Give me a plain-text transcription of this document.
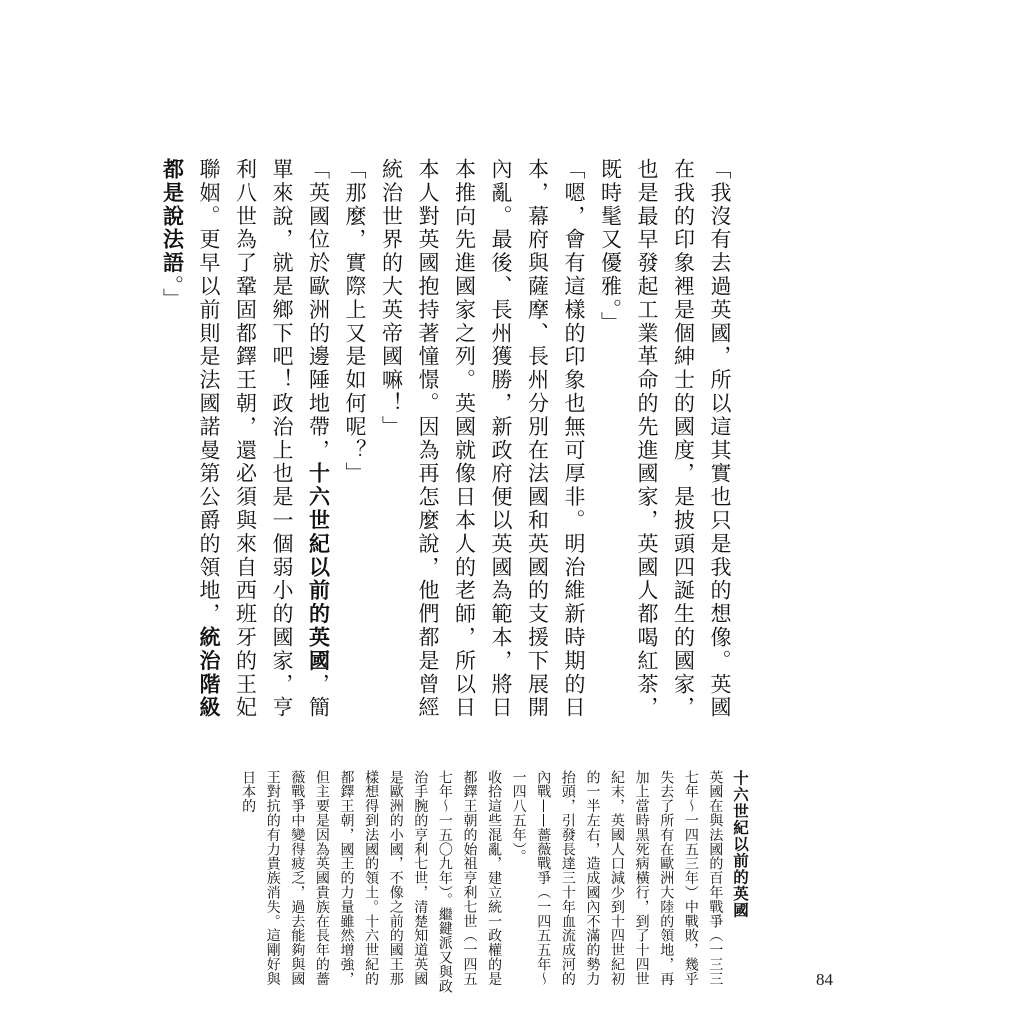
「我沒有去過英國，所以這其實也只是我的想像。英國在我的印象裡是個紳士的國度，是披頭四誕生的國家，也是最早發起工業革命的先進國家，英國人都喝紅茶，既時髦又優雅。」

「嗯，會有這樣的印象也無可厚非。明治維新時期的日本，幕府與薩摩、長州分別在法國和英國的支援下展開內亂。最後、長州獲勝，新政府便以英國為範本，將日本推向先進國家之列。英國就像日本人的老師，所以日本人對英國抱持著憧憬。因為再怎麼說，他們都是曾經統治世界的大英帝國嘛！」

「那麼，實際上又是如何呢？」

「英國位於歐洲的邊陲地帶，十六世紀以前的英國，簡單來說，就是鄉下吧！政治上也是一個弱小的國家，亨利八世為了鞏固都鐸王朝，還必須與來自西班牙的王妃聯姻。更早以前則是法國諾曼第公爵的領地，統治階級都是說法語。」

十六世紀以前的英國

英國在與法國的百年戰爭（一三三七年～一四五三年）中戰敗，幾乎失去了所有在歐洲大陸的領地，再加上當時黑死病橫行，到了十四世紀末，英國人口減少到十四世紀初的一半左右，造成國內不滿的勢力抬頭，引發長達三十年血流成河的內戰——薔薇戰爭（一四五五年～一四八五年）。

收拾這些混亂，建立統一政權的是都鐸王朝的始祖亨利七世（一四五七年～一五〇九年）。繼鍵派又與政治手腕的亨利七世，清楚知道英國是歐洲的小國，不像之前的國王那樣想得到法國的領土。十六世紀的都鐸王朝，國王的力量雖然增強，但主要是因為英國貴族在長年的薔薇戰爭中變得疲乏，過去能夠與國王對抗的有力貴族消失。這剛好與日本的

84
